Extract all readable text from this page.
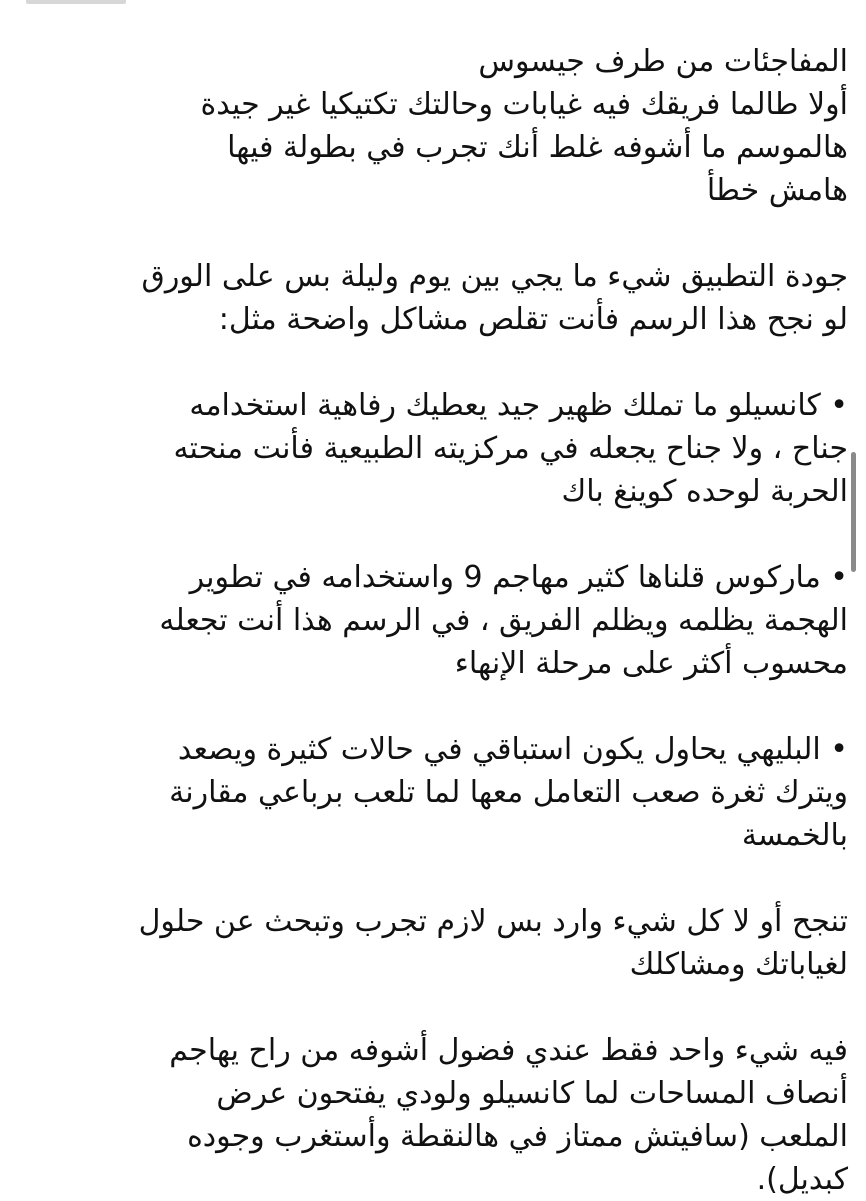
المفاجئات من طرف جيسوس
أولا طالما فريقك فيه غيابات وحالتك تكتيكيا غير جيدة
هالموسم ما أشوفه غلط أنك تجرب في بطولة فيها
هامش خطأ
جودة التطبيق شيء ما يجي بين يوم وليلة بس على الورق
لو نجح هذا الرسم فأنت تقلص مشاكل واضحة مثل:
• كانسيلو ما تملك ظهير جيد يعطيك رفاهية استخدامه
جناح ، ولا جناح يجعله في مركزيته الطبيعية فأنت منحته
الحربة لوحده كوينغ باك
• ماركوس قلناها كثير مهاجم 9 واستخدامه في تطوير
الهجمة يظلمه ويظلم الفريق ، في الرسم هذا أنت تجعله
محسوب أكثر على مرحلة الإنهاء
• البليهي يحاول يكون استباقي في حالات كثيرة ويصعد
ويترك ثغرة صعب التعامل معها لما تلعب برباعي مقارنة
بالخمسة
تنجح أو لا كل شيء وارد بس لازم تجرب وتبحث عن حلول
لغياباتك ومشاكلك
فيه شيء واحد فقط عندي فضول أشوفه من راح يهاجم
أنصاف المساحات لما كانسيلو ولودي يفتحون عرض
الملعب (سافيتش ممتاز في هالنقطة وأستغرب وجوده
كبديل).
